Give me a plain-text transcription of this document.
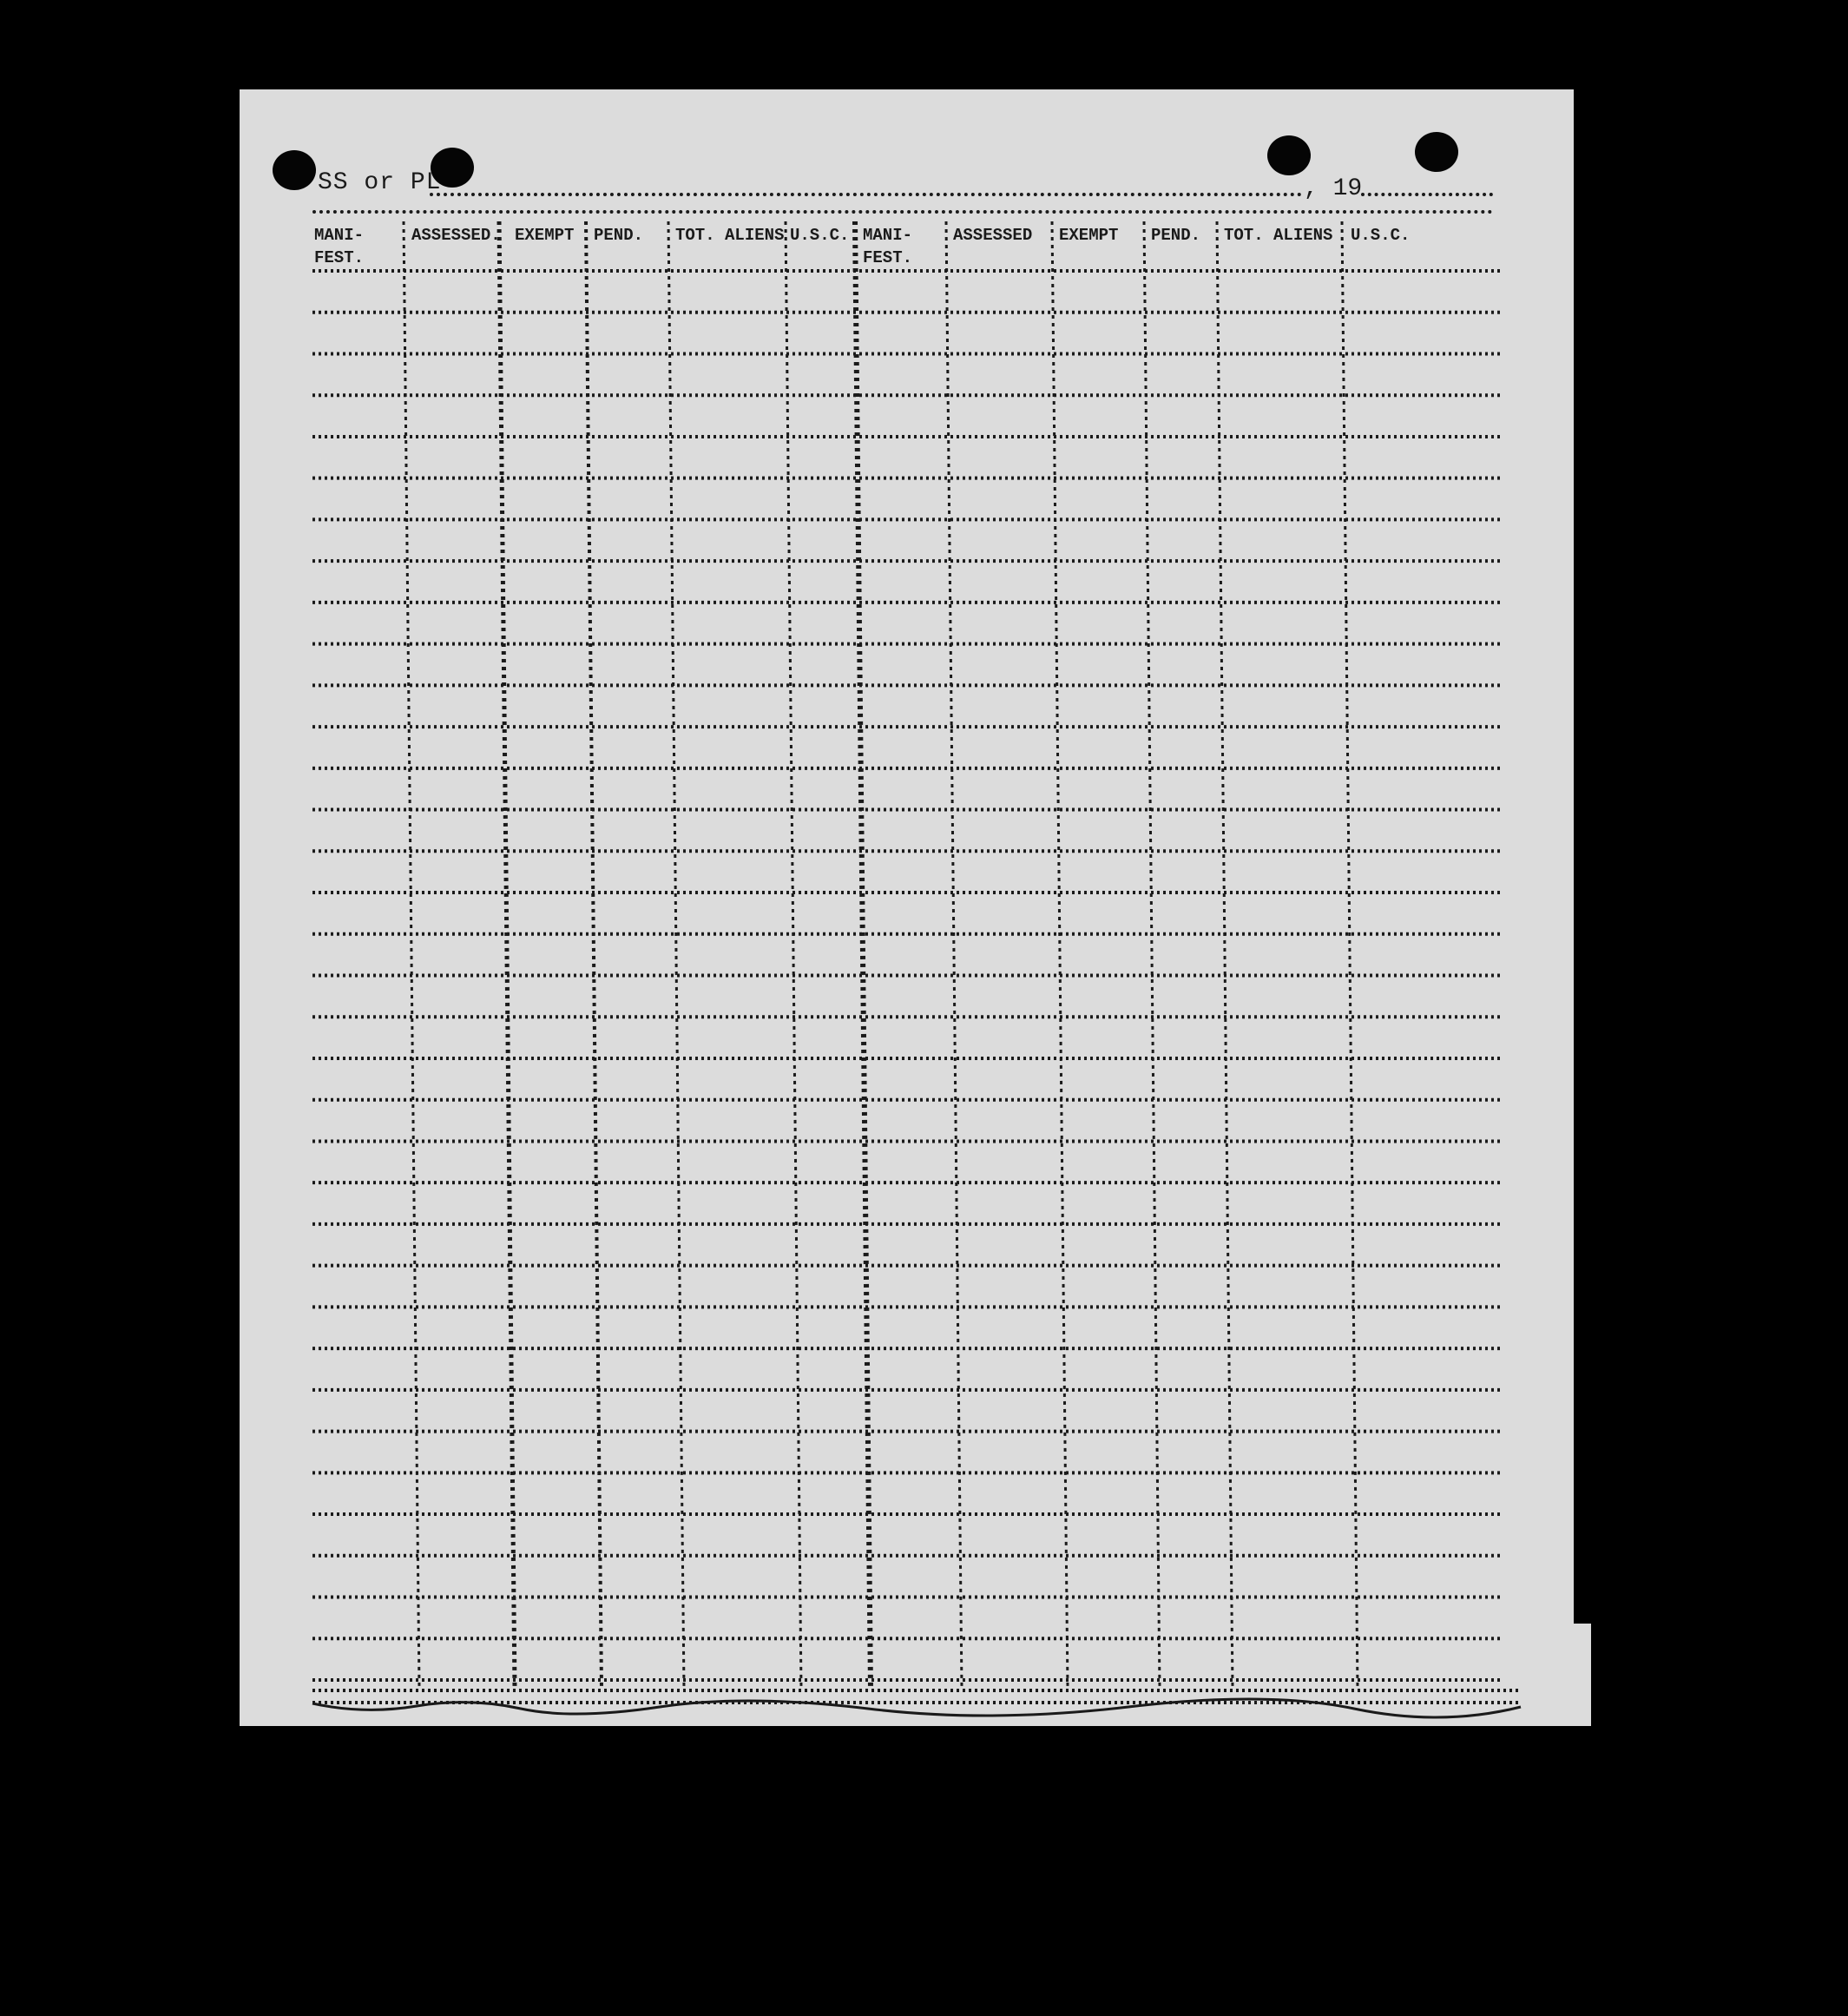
SS or PL	, 19
MANI-
FEST.
ASSESSED. EXEMPT PEND. TOT. ALIENS U.S.C. MANI-
FEST.
ASSESSED EXEMPT PEND. TOT. ALIENS U.S.C.
